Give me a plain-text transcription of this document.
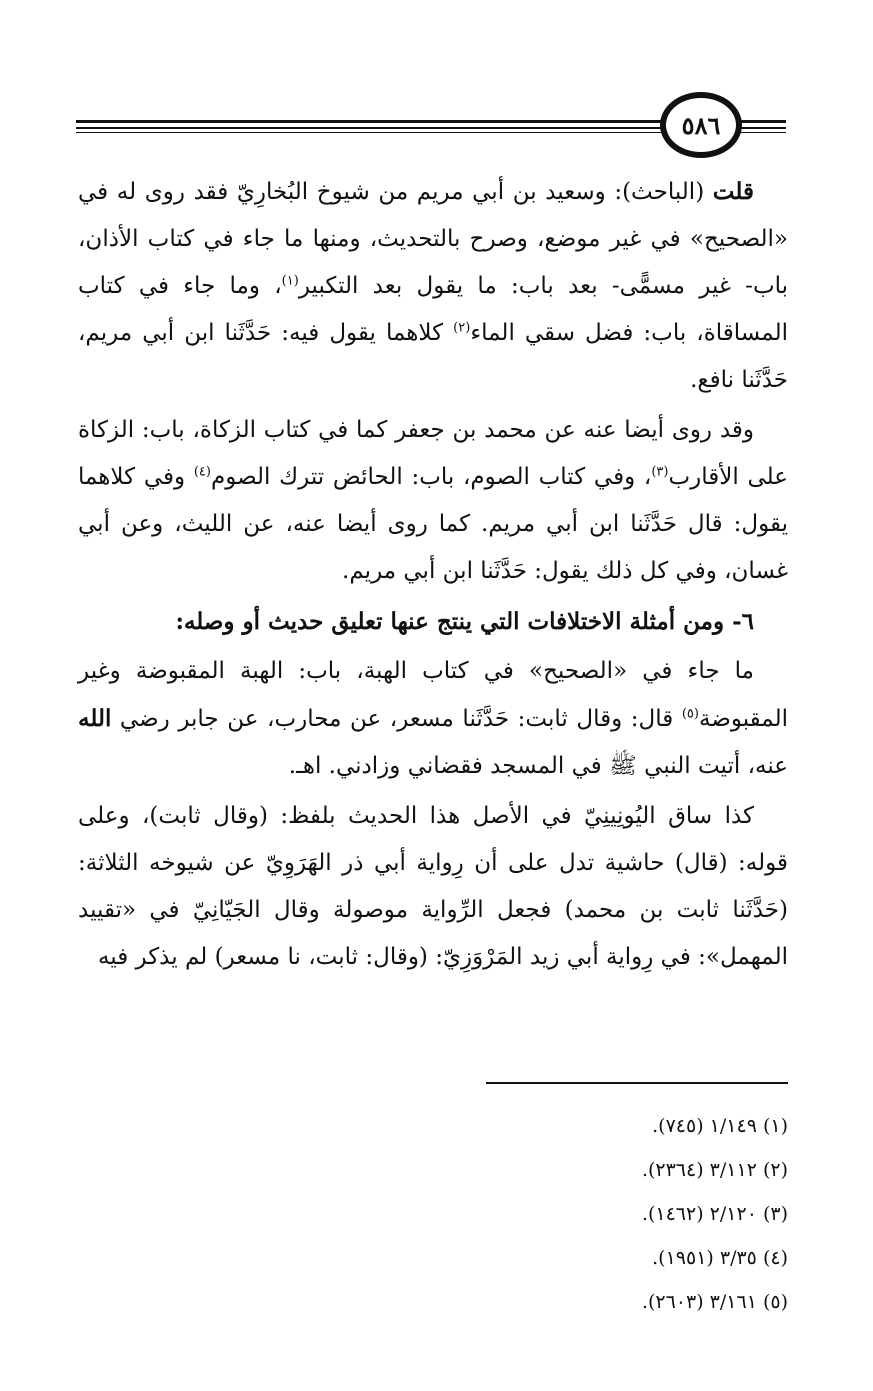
٥٨٦

قلت (الباحث): وسعيد بن أبي مريم من شيوخ البُخارِيّ فقد روى له في «الصحيح» في غير موضع، وصرح بالتحديث، ومنها ما جاء في كتاب الأذان، باب- غير مسمًّى- بعد باب: ما يقول بعد التكبير$^{(١)}$، وما جاء في كتاب المساقاة، باب: فضل سقي الماء$^{(٢)}$ كلاهما يقول فيه: حَدَّثَنا ابن أبي مريم، حَدَّثَنا نافع.

وقد روى أيضا عنه عن محمد بن جعفر كما في كتاب الزكاة، باب: الزكاة على الأقارب$^{(٣)}$، وفي كتاب الصوم، باب: الحائض تترك الصوم$^{(٤)}$ وفي كلاهما يقول: قال حَدَّثَنا ابن أبي مريم. كما روى أيضا عنه، عن الليث، وعن أبي غسان، وفي كل ذلك يقول: حَدَّثَنا ابن أبي مريم.

٦- ومن أمثلة الاختلافات التي ينتج عنها تعليق حديث أو وصله:

ما جاء في «الصحيح» في كتاب الهبة، باب: الهبة المقبوضة وغير المقبوضة$^{(٥)}$ قال: وقال ثابت: حَدَّثَنا مسعر، عن محارب، عن جابر رضي الله عنه، أتيت النبي ﷺ في المسجد فقضاني وزادني. اهـ.

كذا ساق اليُونِينِيّ في الأصل هذا الحديث بلفظ: (وقال ثابت)، وعلى قوله: (قال) حاشية تدل على أن رِواية أبي ذر الهَرَوِيّ عن شيوخه الثلاثة: (حَدَّثَنا ثابت بن محمد) فجعل الرِّواية موصولة وقال الجَيّانِيّ في «تقييد المهمل»: في رِواية أبي زيد المَرْوَزِيّ: (وقال: ثابت، نا مسعر) لم يذكر فيه

(١) ١/١٤٩ (٧٤٥).
(٢) ٣/١١٢ (٢٣٦٤).
(٣) ٢/١٢٠ (١٤٦٢).
(٤) ٣/٣٥ (١٩٥١).
(٥) ٣/١٦١ (٢٦٠٣).
